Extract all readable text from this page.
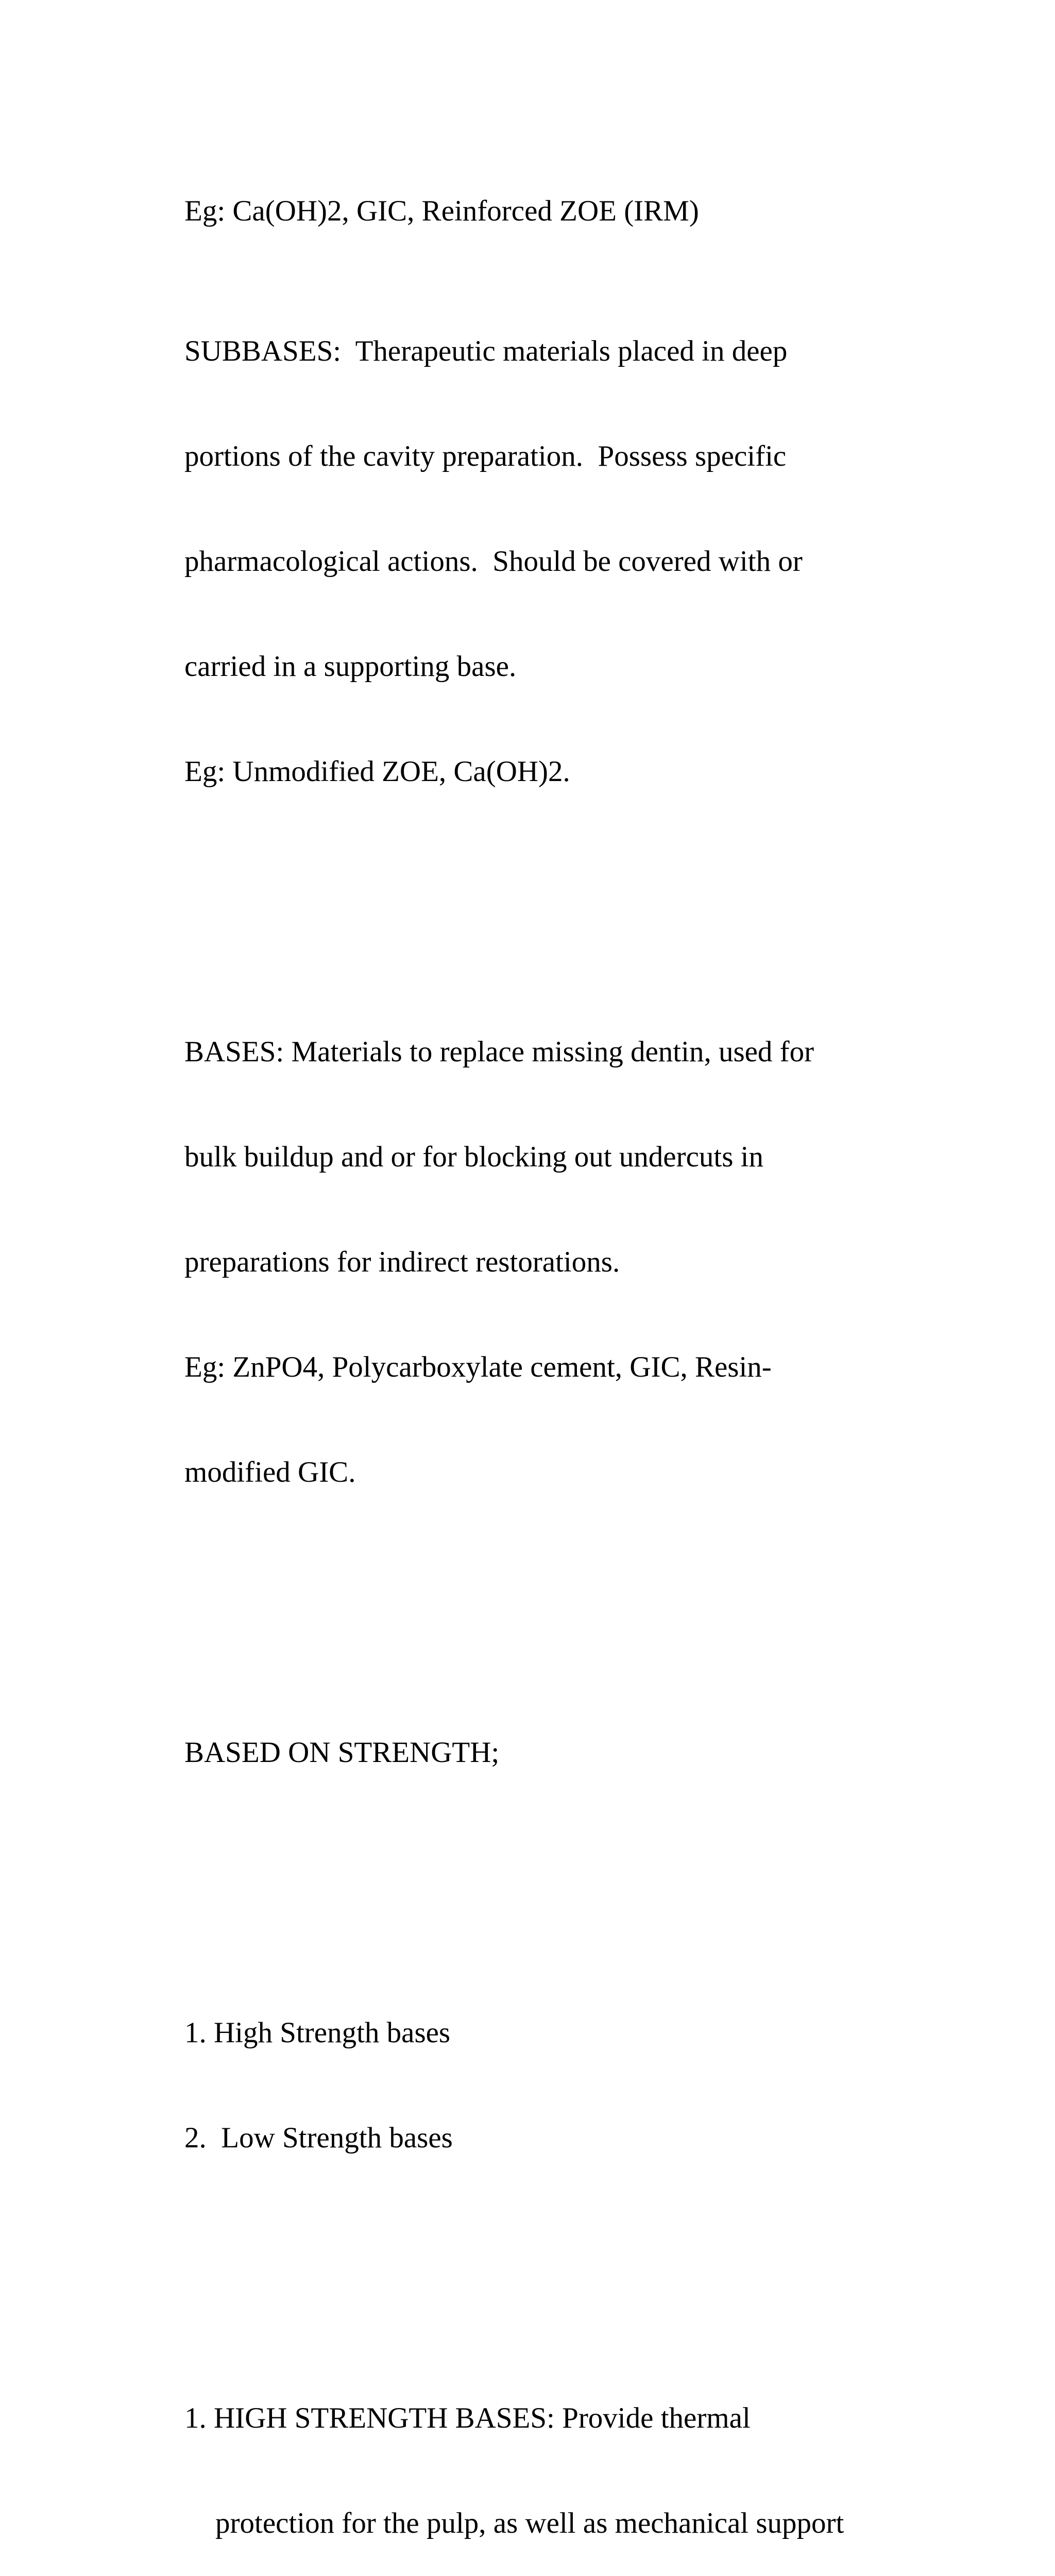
Eg: Ca(OH)2, GIC, Reinforced ZOE (IRM)

SUBBASES:  Therapeutic materials placed in deep

portions of the cavity preparation.  Possess specific

pharmacological actions.  Should be covered with or

carried in a supporting base.

Eg: Unmodified ZOE, Ca(OH)2.

BASES: Materials to replace missing dentin, used for

bulk buildup and or for blocking out undercuts in

preparations for indirect restorations.

Eg: ZnPO4, Polycarboxylate cement, GIC, Resin-

modified GIC.

BASED ON STRENGTH;

1. High Strength bases

2.  Low Strength bases

1. HIGH STRENGTH BASES: Provide thermal

protection for the pulp, as well as mechanical support
